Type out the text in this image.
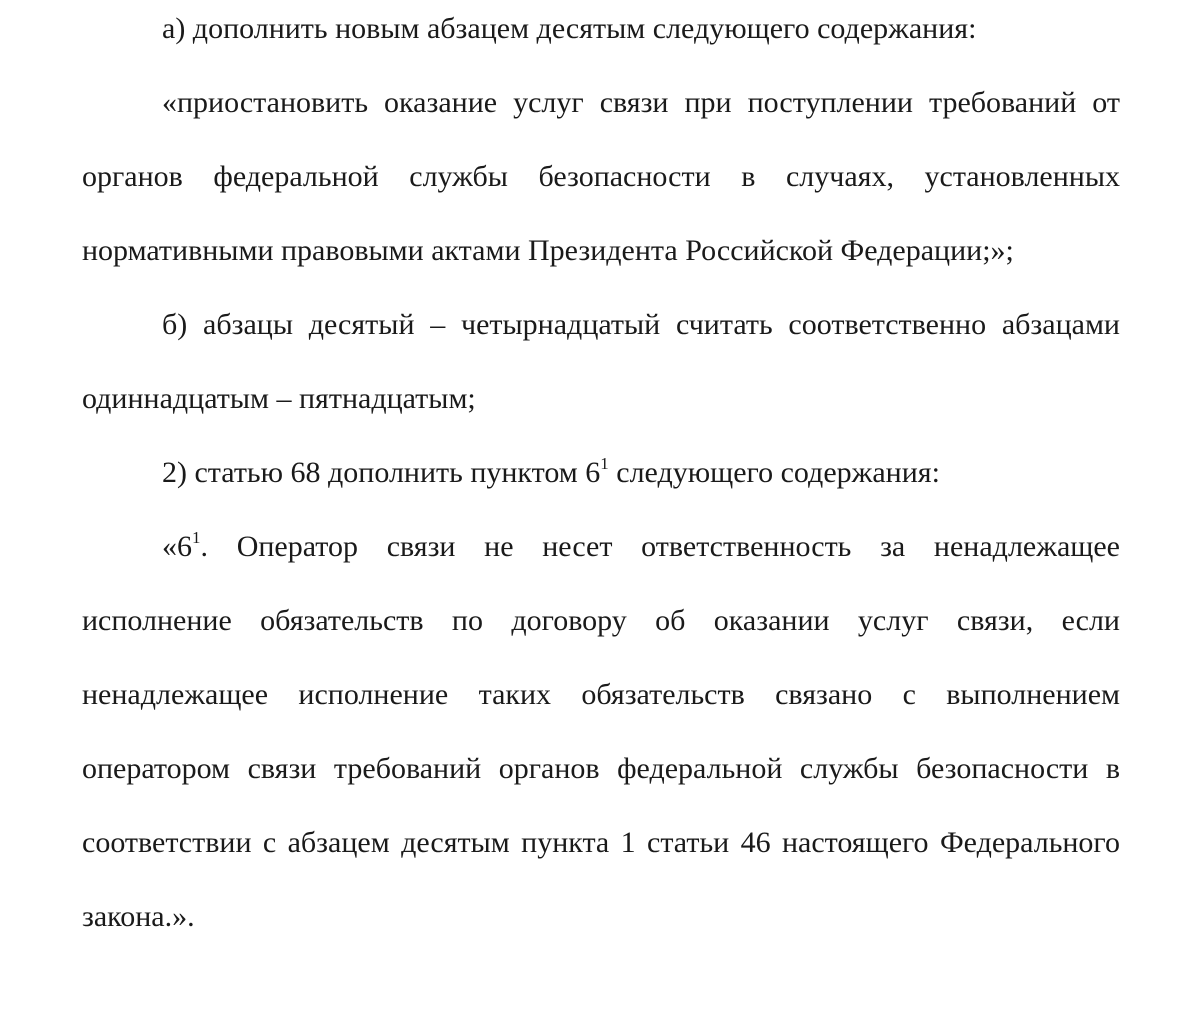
а) дополнить новым абзацем десятым следующего содержания:

«приостановить оказание услуг связи при поступлении требований от органов федеральной службы безопасности в случаях, установленных нормативными правовыми актами Президента Российской Федерации;»;

б) абзацы десятый – четырнадцатый считать соответственно абзацами одиннадцатым – пятнадцатым;

2) статью 68 дополнить пунктом $6^1$ следующего содержания:

«$6^1$. Оператор связи не несет ответственность за ненадлежащее исполнение обязательств по договору об оказании услуг связи, если ненадлежащее исполнение таких обязательств связано с выполнением оператором связи требований органов федеральной службы безопасности в соответствии с абзацем десятым пункта 1 статьи 46 настоящего Федерального закона.».
